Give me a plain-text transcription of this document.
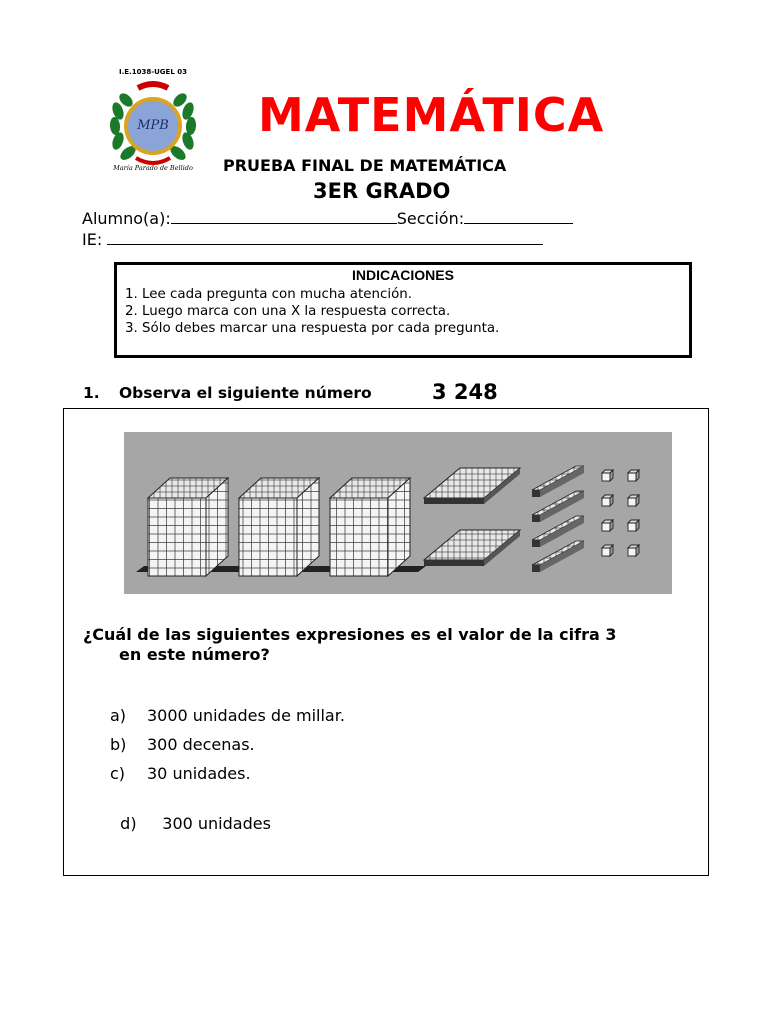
I.E.1038-UGEL 03
MPB
María Parado de Bellido
MATEMÁTICA
PRUEBA FINAL DE MATEMÁTICA
3ER GRADO
Alumno(a):	Sección:
IE:
INDICACIONES
1. Lee cada pregunta con mucha atención.
2. Luego marca con una X la respuesta correcta.
3. Sólo debes marcar una respuesta por cada pregunta.
1. Observa el siguiente número	3 248
¿Cuál de las siguientes expresiones es el valor de la cifra 3
en este número?
a) 3000 unidades de millar.
b) 300 decenas.
c) 30 unidades.

d) 300 unidades
